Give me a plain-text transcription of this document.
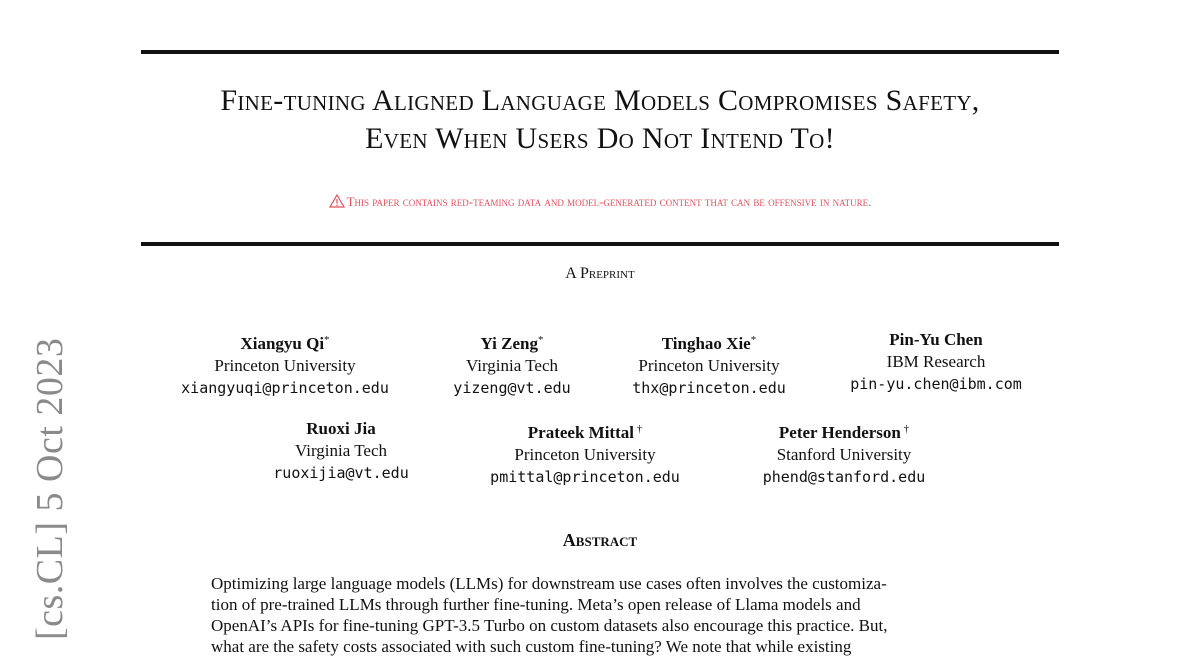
Fine-tuning Aligned Language Models Compromises Safety,
Even When Users Do Not Intend To!
This paper contains red-teaming data and model-generated content that can be offensive in nature.
A Preprint
Xiangyu Qi*
Princeton University
xiangyuqi@princeton.edu
Yi Zeng*
Virginia Tech
yizeng@vt.edu
Tinghao Xie*
Princeton University
thx@princeton.edu
Pin-Yu Chen
IBM Research
pin-yu.chen@ibm.com
Ruoxi Jia
Virginia Tech
ruoxijia@vt.edu
Prateek Mittal †
Princeton University
pmittal@princeton.edu
Peter Henderson †
Stanford University
phend@stanford.edu
Abstract
Optimizing large language models (LLMs) for downstream use cases often involves the customiza-
tion of pre-trained LLMs through further fine-tuning. Meta’s open release of Llama models and
OpenAI’s APIs for fine-tuning GPT-3.5 Turbo on custom datasets also encourage this practice. But,
what are the safety costs associated with such custom fine-tuning? We note that while existing
[cs.CL] 5 Oct 2023
